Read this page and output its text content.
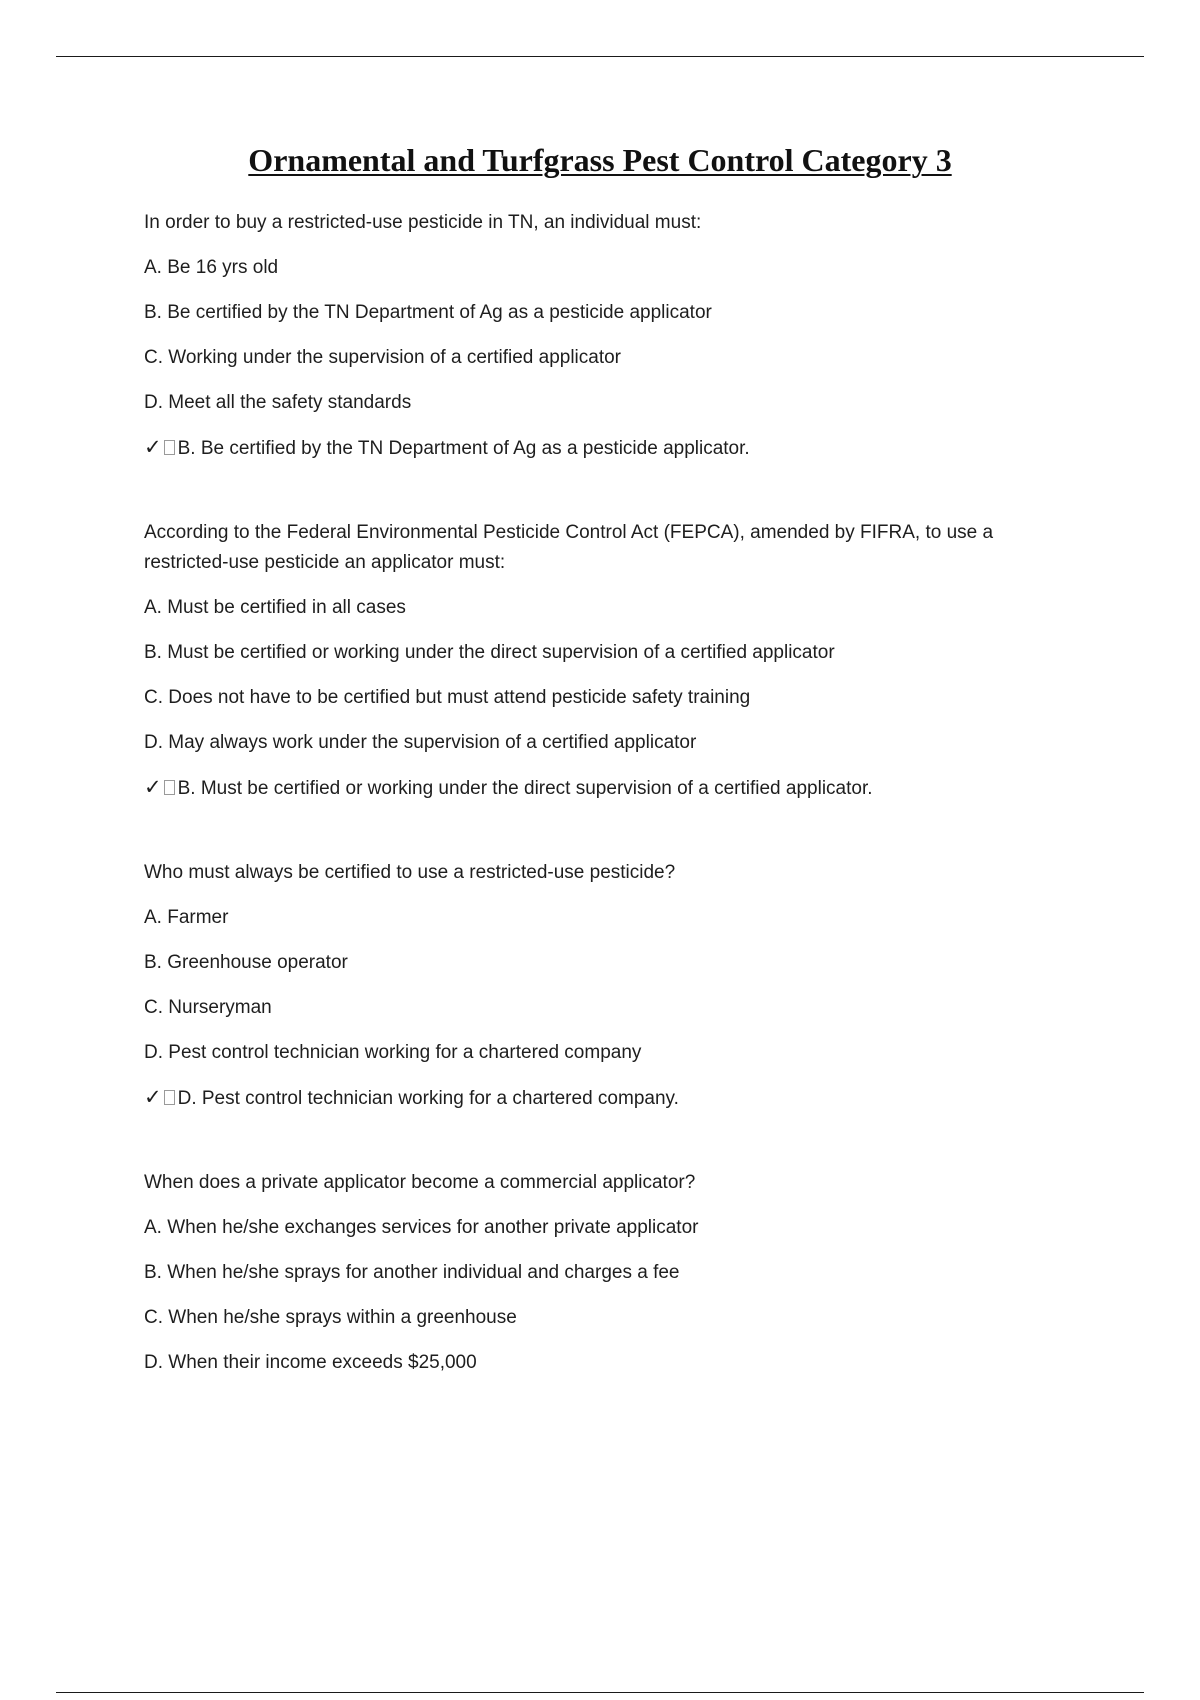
Ornamental and Turfgrass Pest Control Category 3

In order to buy a restricted-use pesticide in TN, an individual must:

A. Be 16 yrs old

B. Be certified by the TN Department of Ag as a pesticide applicator

C. Working under the supervision of a certified applicator

D. Meet all the safety standards

✓ B. Be certified by the TN Department of Ag as a pesticide applicator.

According to the Federal Environmental Pesticide Control Act (FEPCA), amended by FIFRA, to use a restricted-use pesticide an applicator must:

A. Must be certified in all cases

B. Must be certified or working under the direct supervision of a certified applicator

C. Does not have to be certified but must attend pesticide safety training

D. May always work under the supervision of a certified applicator

✓ B. Must be certified or working under the direct supervision of a certified applicator.

Who must always be certified to use a restricted-use pesticide?

A. Farmer

B. Greenhouse operator

C. Nurseryman

D. Pest control technician working for a chartered company

✓ D. Pest control technician working for a chartered company.

When does a private applicator become a commercial applicator?

A. When he/she exchanges services for another private applicator

B. When he/she sprays for another individual and charges a fee

C. When he/she sprays within a greenhouse

D. When their income exceeds $25,000
